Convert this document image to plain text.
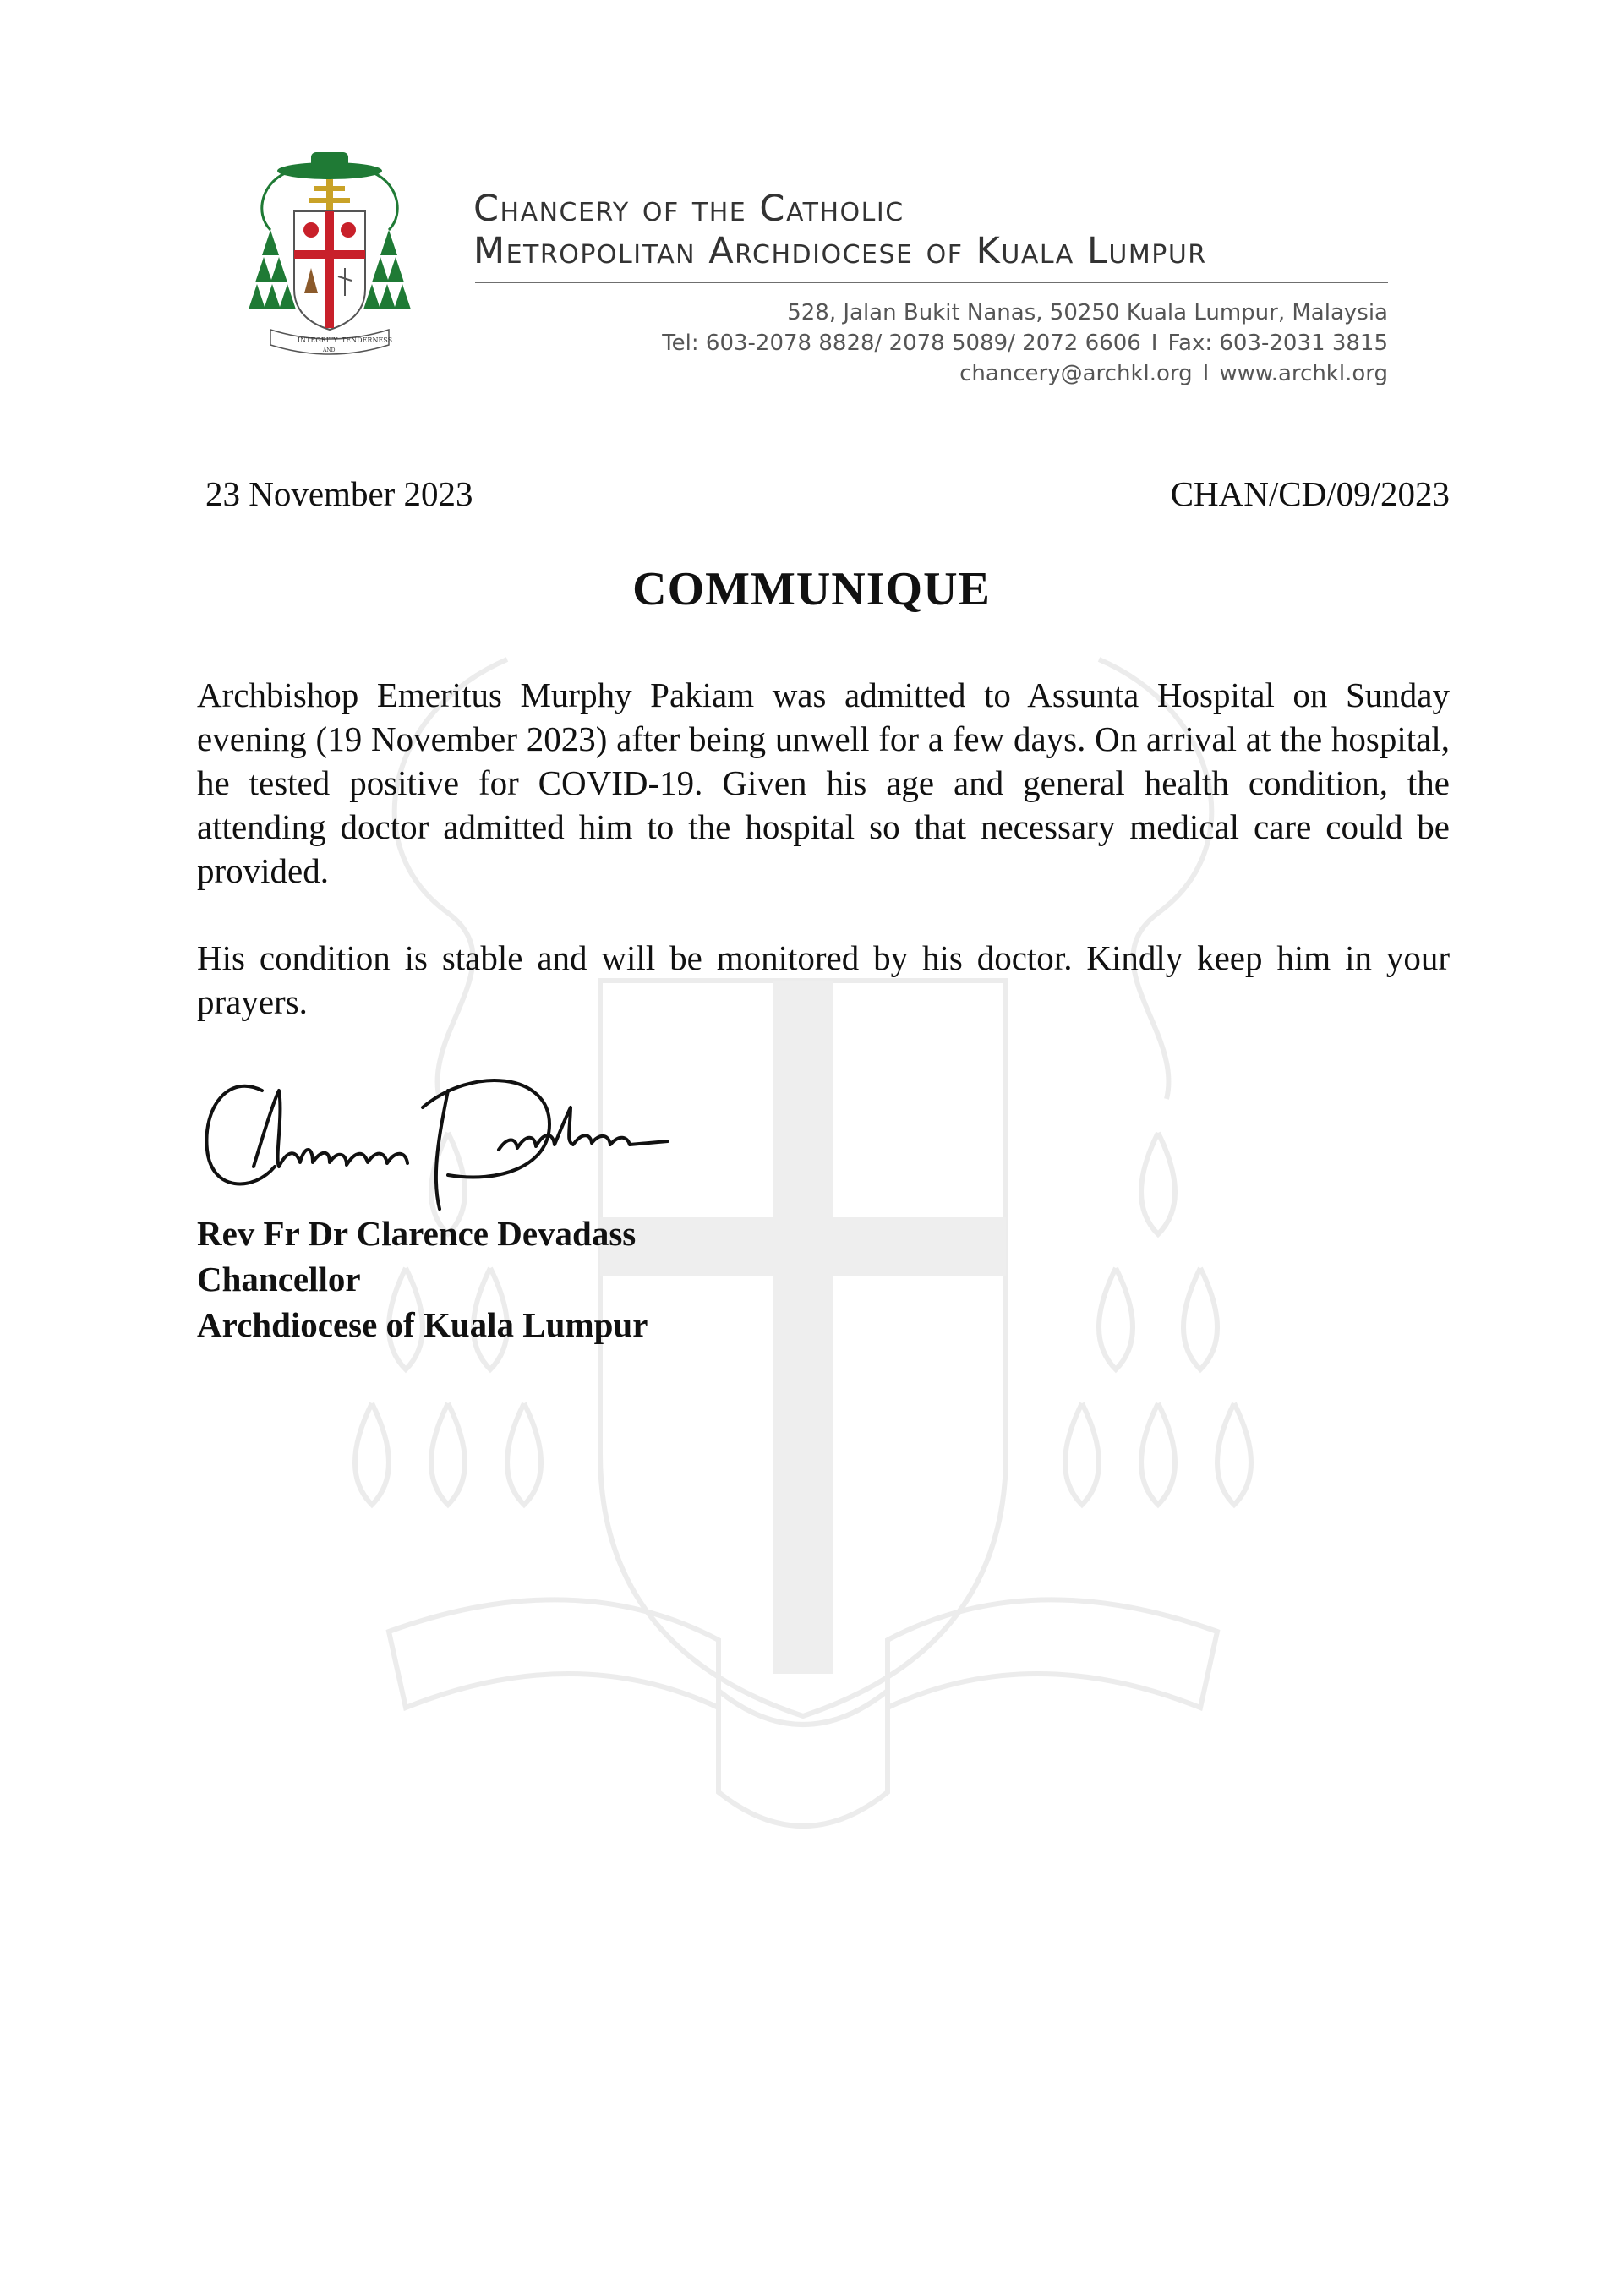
INTEGRITY
AND
TENDERNESS
Chancery of the Catholic
Metropolitan Archdiocese of Kuala Lumpur
528, Jalan Bukit Nanas, 50250 Kuala Lumpur, Malaysia
Tel: 603-2078 8828/ 2078 5089/ 2072 6606 I Fax: 603-2031 3815
chancery@archkl.org I www.archkl.org
23 November 2023	CHAN/CD/09/2023
COMMUNIQUE
Archbishop Emeritus Murphy Pakiam was admitted to Assunta Hospital on Sunday evening (19 November 2023) after being unwell for a few days. On arrival at the hospital, he tested positive for COVID-19. Given his age and general health condition, the attending doctor admitted him to the hospital so that necessary medical care could be provided.
His condition is stable and will be monitored by his doctor. Kindly keep him in your prayers.
Rev Fr Dr Clarence Devadass
Chancellor
Archdiocese of Kuala Lumpur
